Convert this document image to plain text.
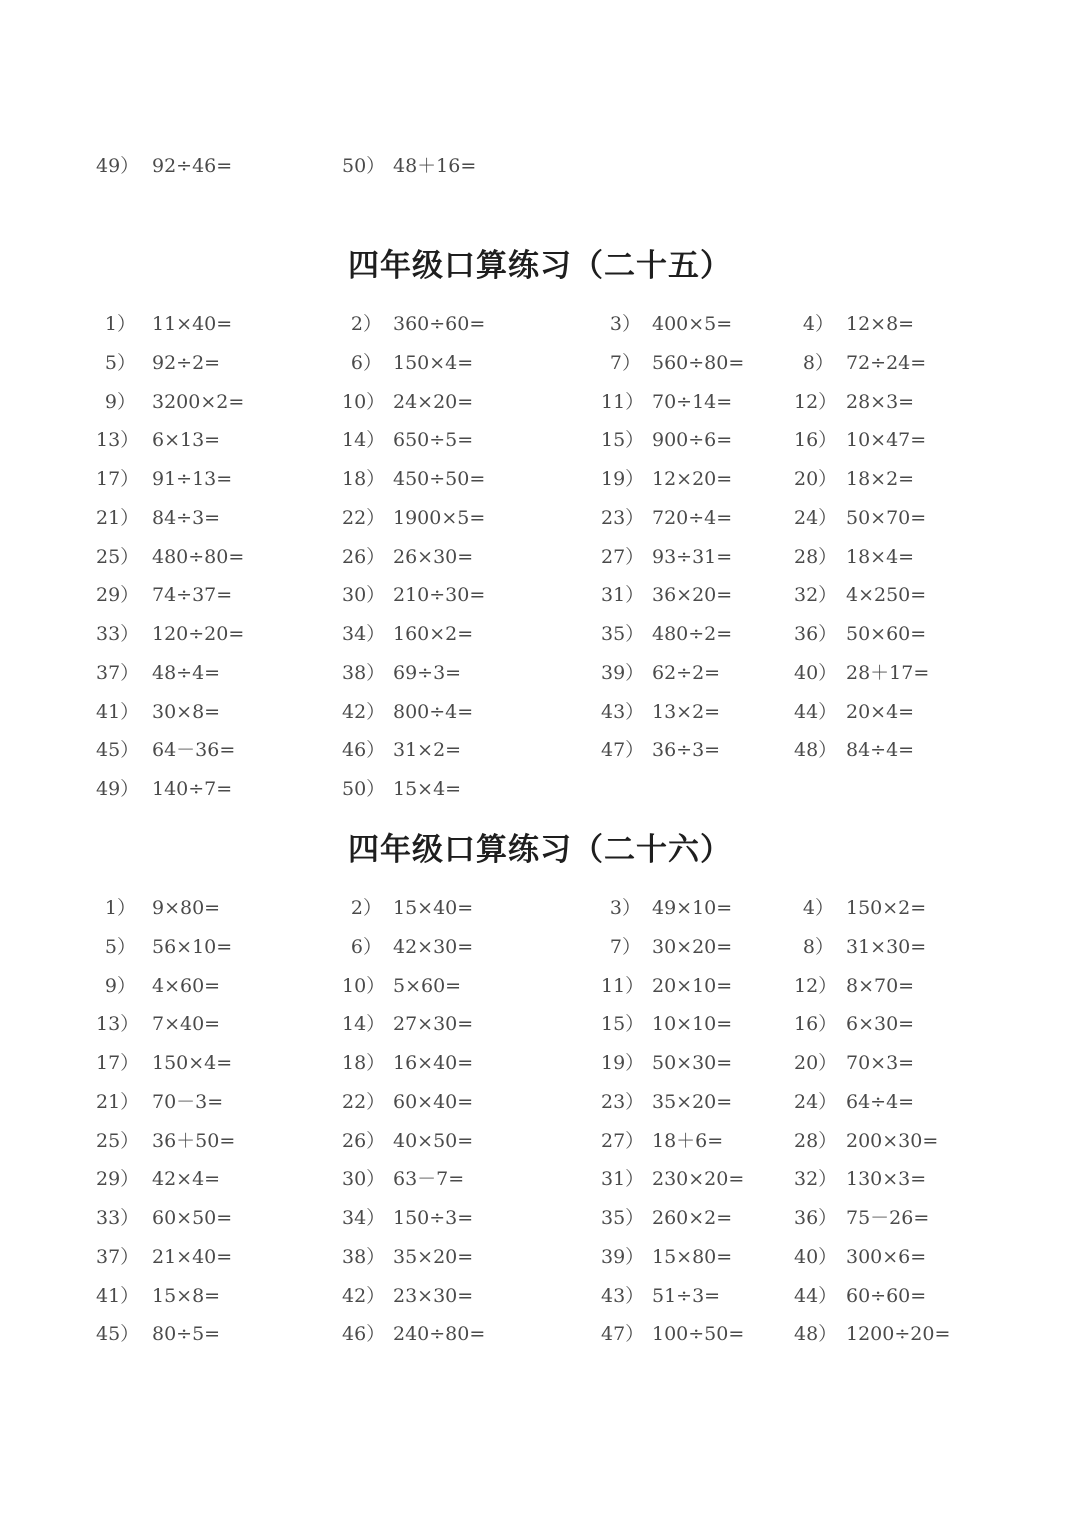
49） 92÷46=	50） 48＋16=
四年级口算练习（二十五）
1） 11×40=	2） 360÷60=	3） 400×5=	4） 12×8=
5） 92÷2=	6） 150×4=	7） 560÷80=	8） 72÷24=
9） 3200×2=	10） 24×20=	11） 70÷14=	12） 28×3=
13） 6×13=	14） 650÷5=	15） 900÷6=	16） 10×47=
17） 91÷13=	18） 450÷50=	19） 12×20=	20） 18×2=
21） 84÷3=	22） 1900×5=	23） 720÷4=	24） 50×70=
25） 480÷80=	26） 26×30=	27） 93÷31=	28） 18×4=
29） 74÷37=	30） 210÷30=	31） 36×20=	32） 4×250=
33） 120÷20=	34） 160×2=	35） 480÷2=	36） 50×60=
37） 48÷4=	38） 69÷3=	39） 62÷2=	40） 28＋17=
41） 30×8=	42） 800÷4=	43） 13×2=	44） 20×4=
45） 64－36=	46） 31×2=	47） 36÷3=	48） 84÷4=
49） 140÷7=	50） 15×4=
四年级口算练习（二十六）
1） 9×80=	2） 15×40=	3） 49×10=	4） 150×2=
5） 56×10=	6） 42×30=	7） 30×20=	8） 31×30=
9） 4×60=	10） 5×60=	11） 20×10=	12） 8×70=
13） 7×40=	14） 27×30=	15） 10×10=	16） 6×30=
17） 150×4=	18） 16×40=	19） 50×30=	20） 70×3=
21） 70－3=	22） 60×40=	23） 35×20=	24） 64÷4=
25） 36＋50=	26） 40×50=	27） 18＋6=	28） 200×30=
29） 42×4=	30） 63－7=	31） 230×20=	32） 130×3=
33） 60×50=	34） 150÷3=	35） 260×2=	36） 75－26=
37） 21×40=	38） 35×20=	39） 15×80=	40） 300×6=
41） 15×8=	42） 23×30=	43） 51÷3=	44） 60÷60=
45） 80÷5=	46） 240÷80=	47） 100÷50=	48） 1200÷20=
